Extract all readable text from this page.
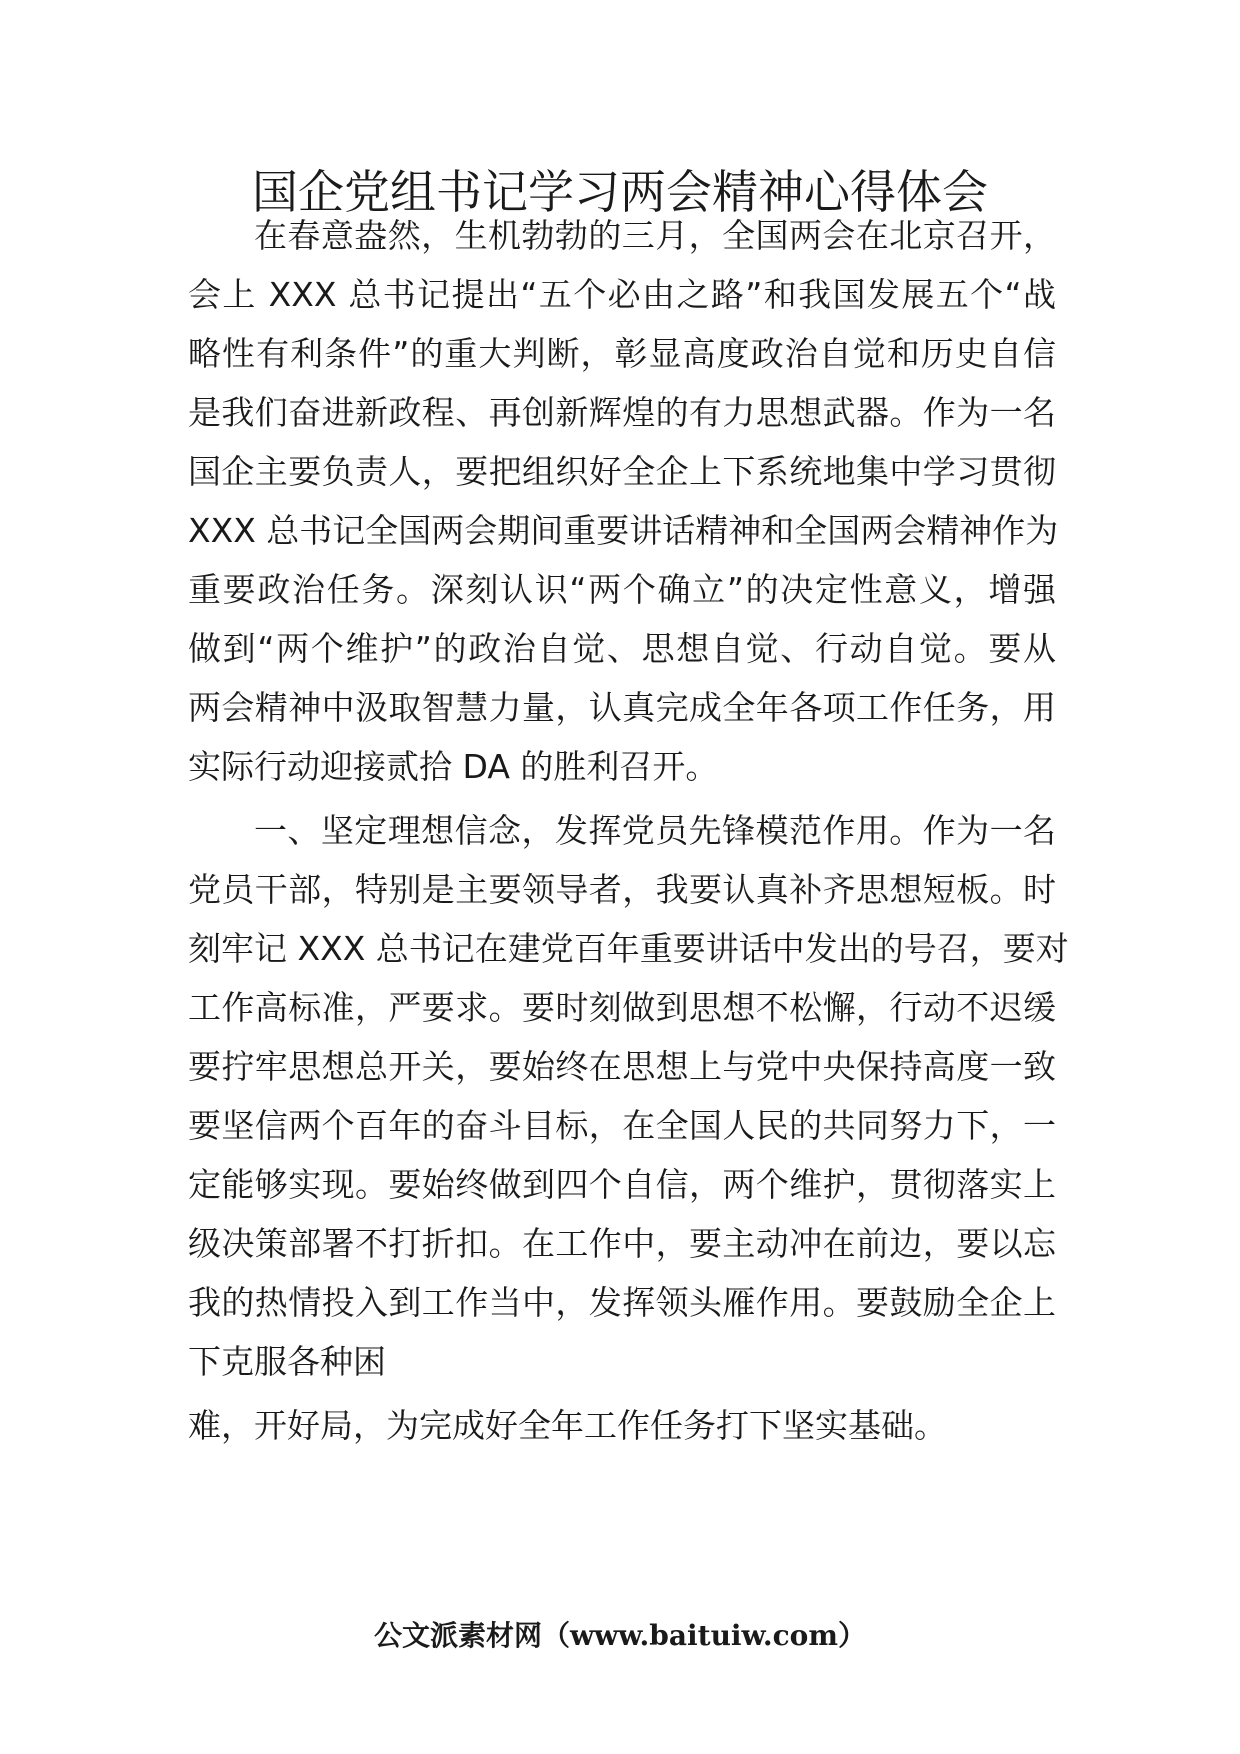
国企党组书记学习两会精神心得体会
在春意盎然，生机勃勃的三月，全国两会在北京召开，
会上 XXX 总书记提出“五个必由之路”和我国发展五个“战
略性有利条件”的重大判断，彰显高度政治自觉和历史自信
是我们奋进新政程、再创新辉煌的有力思想武器。作为一名
国企主要负责人，要把组织好全企上下系统地集中学习贯彻
XXX 总书记全国两会期间重要讲话精神和全国两会精神作为
重要政治任务。深刻认识“两个确立”的决定性意义，增强
做到“两个维护”的政治自觉、思想自觉、行动自觉。要从
两会精神中汲取智慧力量，认真完成全年各项工作任务，用
实际行动迎接贰拾 DA 的胜利召开。
一、坚定理想信念，发挥党员先锋模范作用。作为一名
党员干部，特别是主要领导者，我要认真补齐思想短板。时
刻牢记 XXX 总书记在建党百年重要讲话中发出的号召，要对
工作高标准，严要求。要时刻做到思想不松懈，行动不迟缓
要拧牢思想总开关，要始终在思想上与党中央保持高度一致
要坚信两个百年的奋斗目标，在全国人民的共同努力下，一
定能够实现。要始终做到四个自信，两个维护，贯彻落实上
级决策部署不打折扣。在工作中，要主动冲在前边，要以忘
我的热情投入到工作当中，发挥领头雁作用。要鼓励全企上
下克服各种困
难，开好局，为完成好全年工作任务打下坚实基础。
公文派素材网（www.baituiw.com）
